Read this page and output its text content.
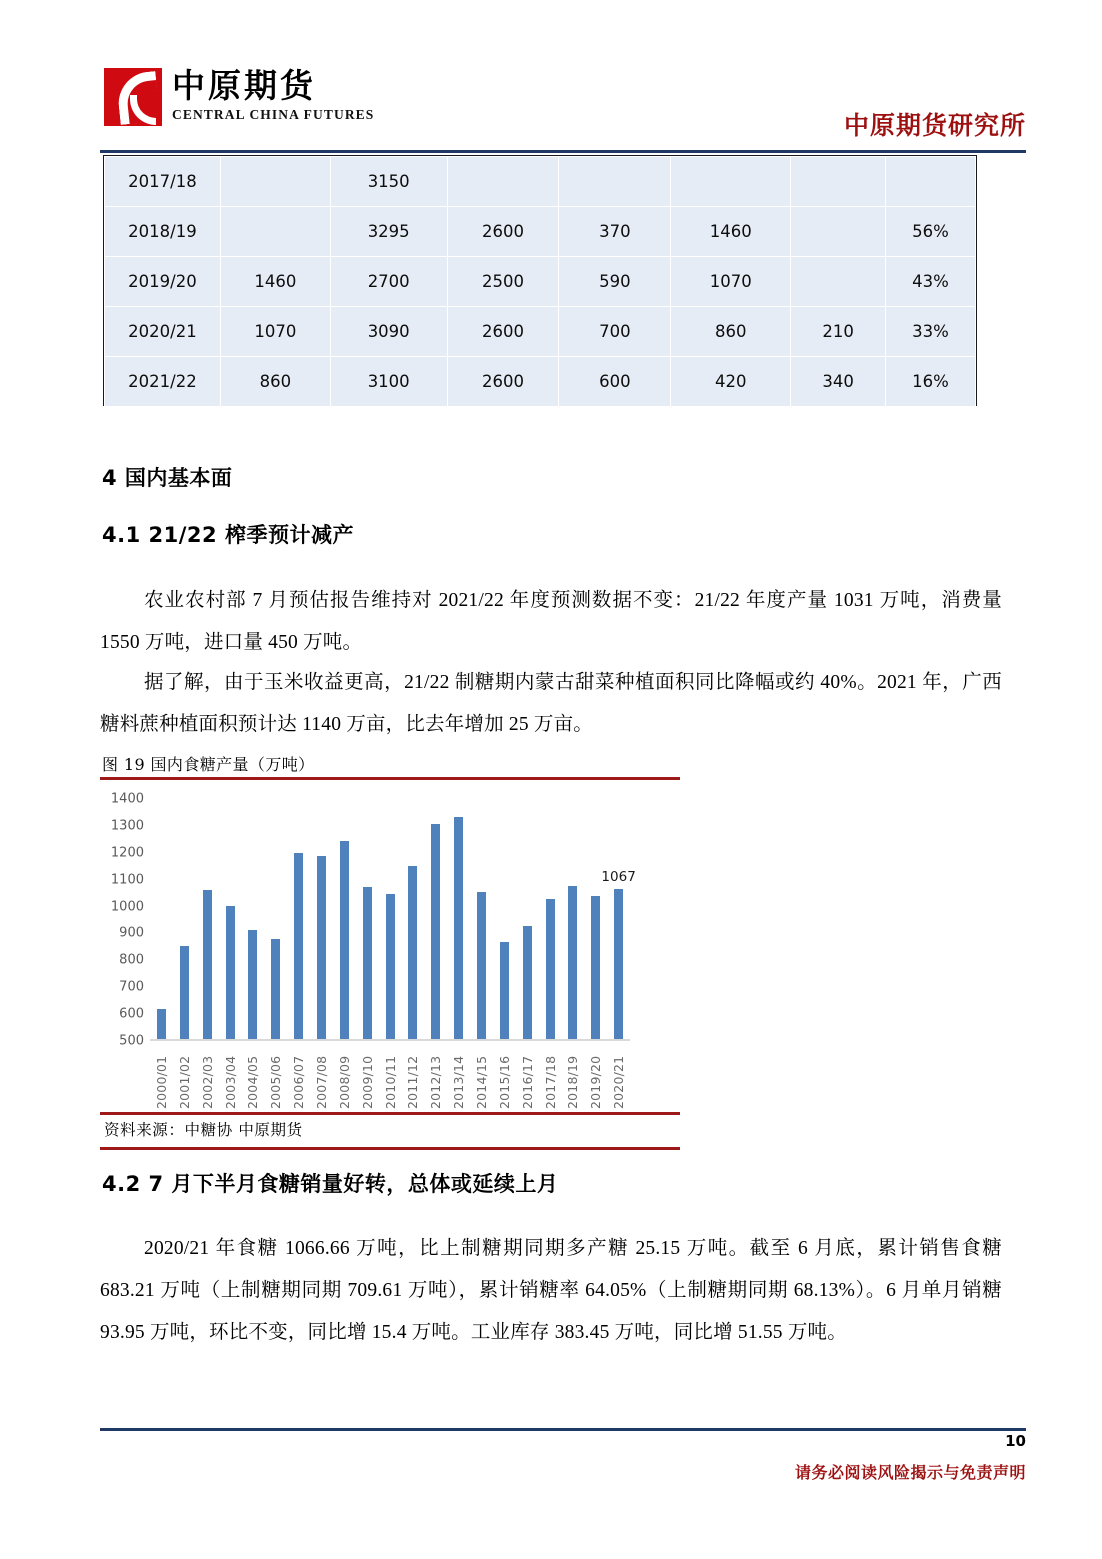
中原期货
CENTRAL CHINA FUTURES	中原期货研究所
2017/18		3150					
2018/19		3295	2600	370	1460		56%
2019/20	1460	2700	2500	590	1070		43%
2020/21	1070	3090	2600	700	860	210	33%
2021/22	860	3100	2600	600	420	340	16%
4 国内基本面
4.1 21/22 榨季预计减产
农业农村部 7 月预估报告维持对 2021/22 年度预测数据不变：21/22 年度产量 1031 万吨，消费量 1550 万吨，进口量 450 万吨。
据了解，由于玉米收益更高，21/22 制糖期内蒙古甜菜种植面积同比降幅或约 40%。2021 年，广西糖料蔗种植面积预计达 1140 万亩，比去年增加 25 万亩。
图 19 国内食糖产量（万吨）
1400
1300
1200
1100
1000
900
800
700
600
500
1067
2000/01 2001/02 2002/03 2003/04 2004/05 2005/06 2006/07 2007/08 2008/09 2009/10 2010/11 2011/12 2012/13 2013/14 2014/15 2015/16 2016/17 2017/18 2018/19 2019/20 2020/21
资料来源：中糖协 中原期货
4.2 7 月下半月食糖销量好转，总体或延续上月
2020/21 年食糖 1066.66 万吨，比上制糖期同期多产糖 25.15 万吨。截至 6 月底，累计销售食糖 683.21 万吨（上制糖期同期 709.61 万吨），累计销糖率 64.05%（上制糖期同期 68.13%）。6 月单月销糖 93.95 万吨，环比不变，同比增 15.4 万吨。工业库存 383.45 万吨，同比增 51.55 万吨。
10
请务必阅读风险揭示与免责声明
